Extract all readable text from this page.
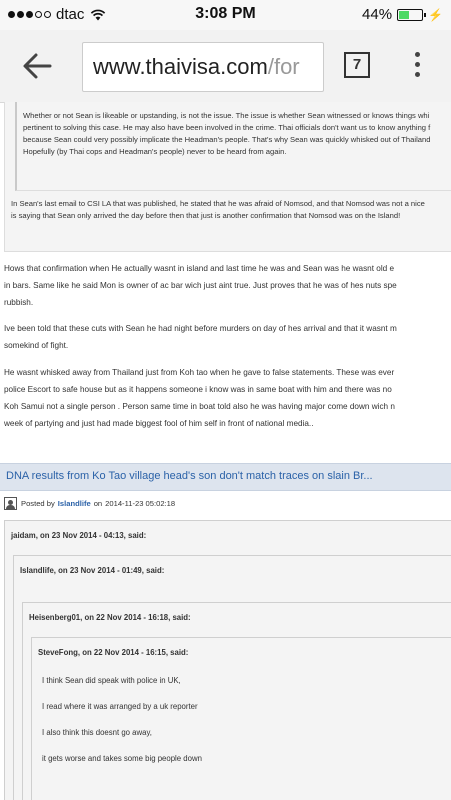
dtac	3:08 PM	44%	⚡
www.thaivisa.com/for	7
Whether or not Sean is likeable or upstanding, is not the issue. The issue is whether Sean witnessed or knows things whi
pertinent to solving this case. He may also have been involved in the crime. Thai officials don't want us to know anything f
because Sean could very possibly implicate the Headman's people. That's why Sean was quickly whisked out of Thailand
Hopefully (by Thai cops and Headman's people) never to be heard from again.
In Sean's last email to CSI LA that was published, he stated that he was afraid of Nomsod, and that Nomsod was not a nice
is saying that Sean only arrived the day before then that just is another confirmation that Nomsod was on the Island!
Hows that confirmation when He actually wasnt in island and last time he was and Sean was he wasnt old e
in bars. Same like he said Mon is owner of ac bar wich just aint true. Just proves that he was of hes nuts spe
rubbish.
Ive been told that these cuts with Sean he had night before murders on day of hes arrival and that it wasnt m
somekind of fight.
He wasnt whisked away from Thailand just from Koh tao when he gave to false statements. These was ever
police Escort to safe house but as it happens someone i know was in same boat with him and there was no
Koh Samui not a single person . Person same time in boat told also he was having major come down wich n
week of partying and just had made biggest fool of him self in front of national media..
DNA results from Ko Tao village head's son don't match traces on slain Br...
Posted by Islandlife on 2014-11-23 05:02:18
jaidam, on 23 Nov 2014 - 04:13, said:
Islandlife, on 23 Nov 2014 - 01:49, said:
Heisenberg01, on 22 Nov 2014 - 16:18, said:
SteveFong, on 22 Nov 2014 - 16:15, said:
I think Sean did speak with police in UK,
I read where it was arranged by a uk reporter
I also think this doesnt go away,
it gets worse and takes some big people down
